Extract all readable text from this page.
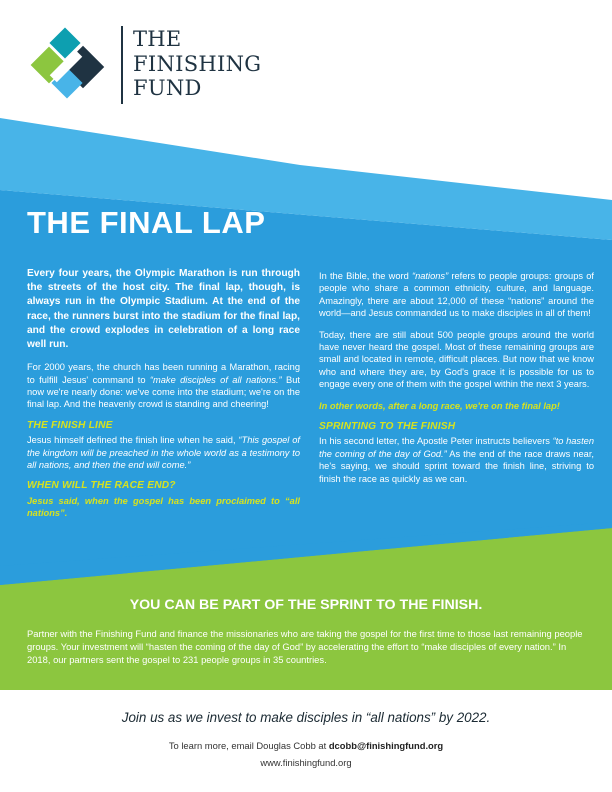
John Hancock
2015 BOST
MARATH	John Hancock
ROTICH
THE
FINISHING
FUND
THE FINAL LAP

Every four years, the Olympic Marathon is run through the streets of the host city. The final lap, though, is always run in the Olympic Stadium. At the end of the race, the runners burst into the stadium for the final lap, and the crowd explodes in celebration of a long race well run.

For 2000 years, the church has been running a Marathon, racing to fulfill Jesus' command to “make disciples of all nations.” But now we're nearly done: we've come into the stadium; we're on the final lap. And the heavenly crowd is standing and cheering!

THE FINISH LINE

Jesus himself defined the finish line when he said, “This gospel of the kingdom will be preached in the whole world as a testimony to all nations, and then the end will come.”

WHEN WILL THE RACE END?

Jesus said, when the gospel has been proclaimed to “all nations”.

In the Bible, the word “nations” refers to people groups: groups of people who share a common ethnicity, culture, and language. Amazingly, there are about 12,000 of these “nations” around the world—and Jesus commanded us to make disciples in all of them!

Today, there are still about 500 people groups around the world have never heard the gospel. Most of these remaining groups are small and located in remote, difficult places. But now that we know who and where they are, by God's grace it is possible for us to engage every one of them with the gospel within the next 3 years.

In other words, after a long race, we're on the final lap!

SPRINTING TO THE FINISH

In his second letter, the Apostle Peter instructs believers “to hasten the coming of the day of God.” As the end of the race draws near, he's saying, we should sprint toward the finish line, striving to finish the race as quickly as we can.

YOU CAN BE PART OF THE SPRINT TO THE FINISH.
Partner with the Finishing Fund and finance the missionaries who are taking the gospel for the first time to those last remaining people groups. Your investment will “hasten the coming of the day of God” by accelerating the effort to “make disciples of every nation.” In 2018, our partners sent the gospel to 231 people groups in 35 countries.
Join us as we invest to make disciples in “all nations” by 2022.
To learn more, email Douglas Cobb at dcobb@finishingfund.org
www.finishingfund.org
